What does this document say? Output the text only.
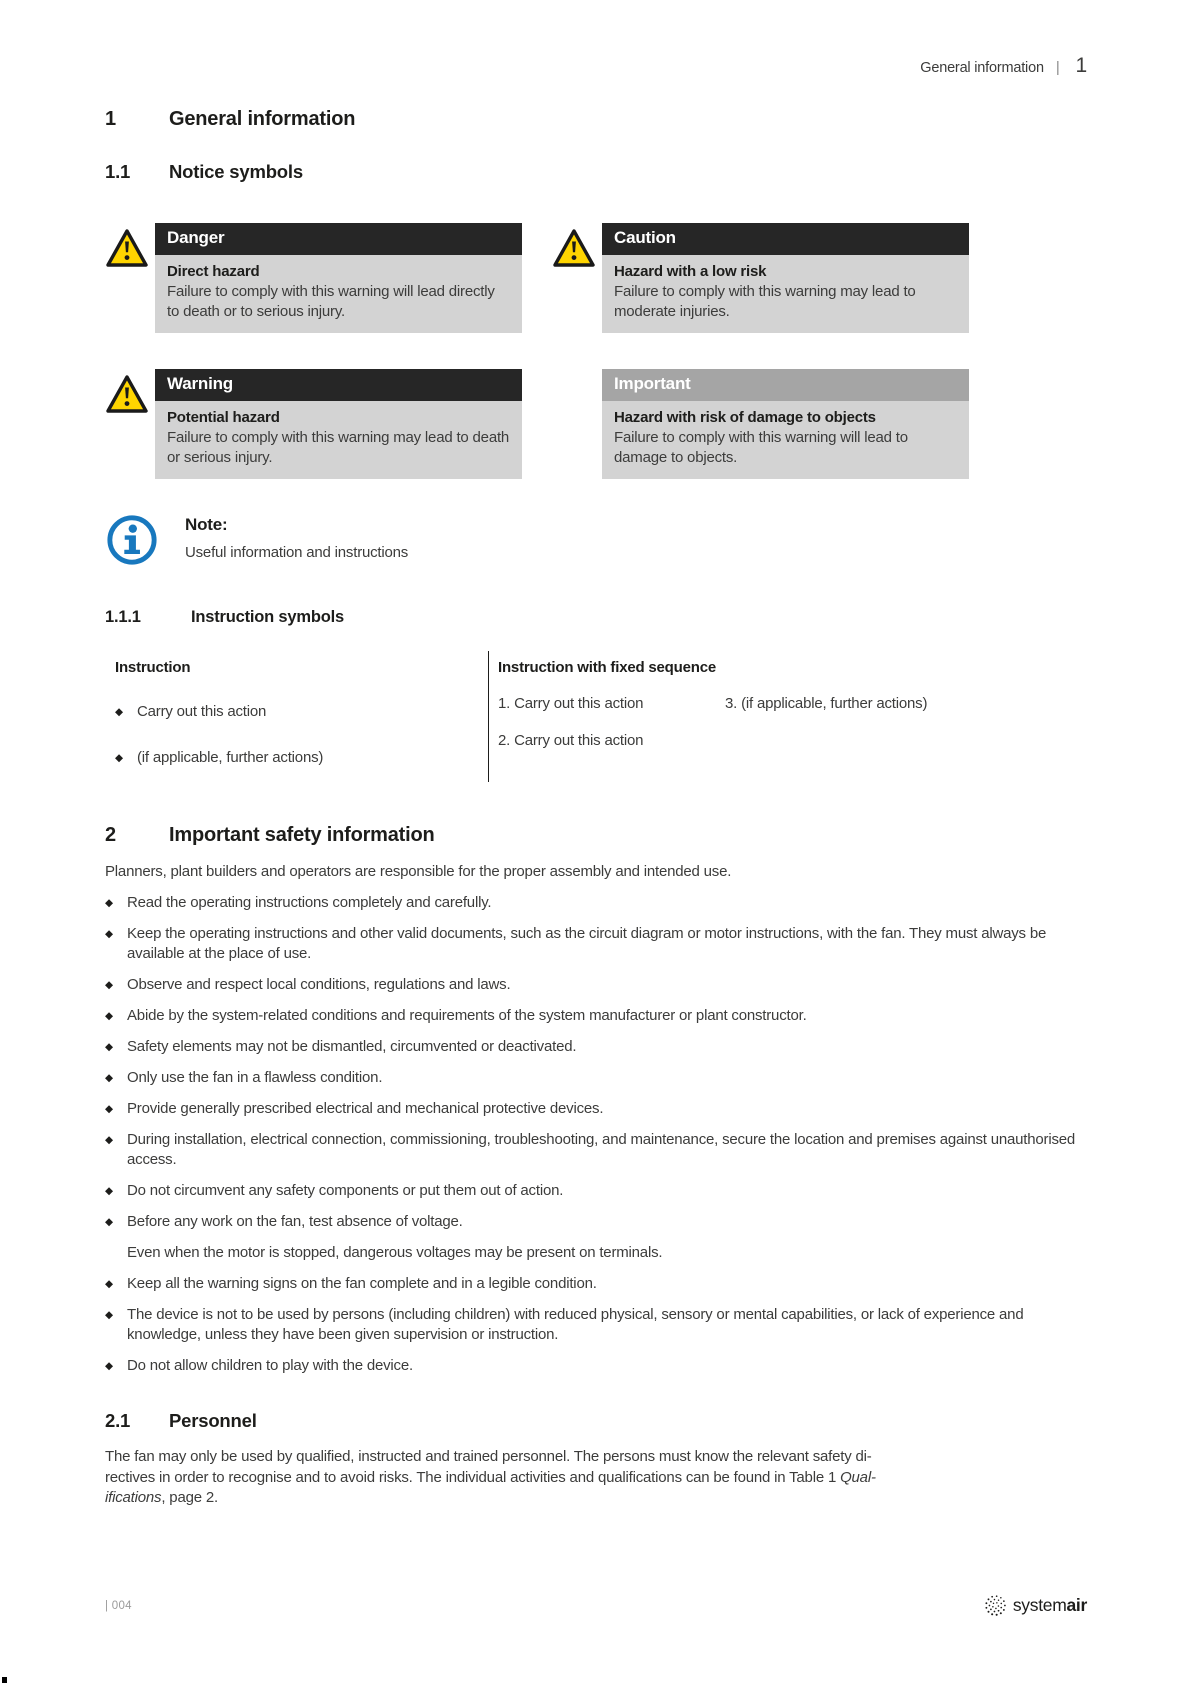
General information | 1
1	General information
1.1	Notice symbols
Danger
Direct hazard
Failure to comply with this warning will lead directly to death or to serious injury.
Caution
Hazard with a low risk
Failure to comply with this warning may lead to moderate injuries.
Warning
Potential hazard
Failure to comply with this warning may lead to death or serious injury.
Important
Hazard with risk of damage to objects
Failure to comply with this warning will lead to damage to objects.
Note:
Useful information and instructions
1.1.1	Instruction symbols
Instruction
◆ Carry out this action
◆ (if applicable, further actions)
Instruction with fixed sequence
1. Carry out this action	3. (if applicable, further actions)
2. Carry out this action
2	Important safety information

Planners, plant builders and operators are responsible for the proper assembly and intended use.

◆ Read the operating instructions completely and carefully.

◆ Keep the operating instructions and other valid documents, such as the circuit diagram or motor instructions, with the fan. They must always be available at the place of use.

◆ Observe and respect local conditions, regulations and laws.

◆ Abide by the system-related conditions and requirements of the system manufacturer or plant constructor.

◆ Safety elements may not be dismantled, circumvented or deactivated.

◆ Only use the fan in a flawless condition.

◆ Provide generally prescribed electrical and mechanical protective devices.

◆ During installation, electrical connection, commissioning, troubleshooting, and maintenance, secure the location and premises against unauthorised access.

◆ Do not circumvent any safety components or put them out of action.

◆ Before any work on the fan, test absence of voltage.

Even when the motor is stopped, dangerous voltages may be present on terminals.

◆ Keep all the warning signs on the fan complete and in a legible condition.

◆ The device is not to be used by persons (including children) with reduced physical, sensory or mental capabilities, or lack of experience and knowledge, unless they have been given supervision or instruction.

◆ Do not allow children to play with the device.

2.1	Personnel
The fan may only be used by qualified, instructed and trained personnel. The persons must know the relevant safety di-
rectives in order to recognise and to avoid risks. The individual activities and qualifications can be found in Table 1 Qual-
ifications, page 2.
| 004	systemair
